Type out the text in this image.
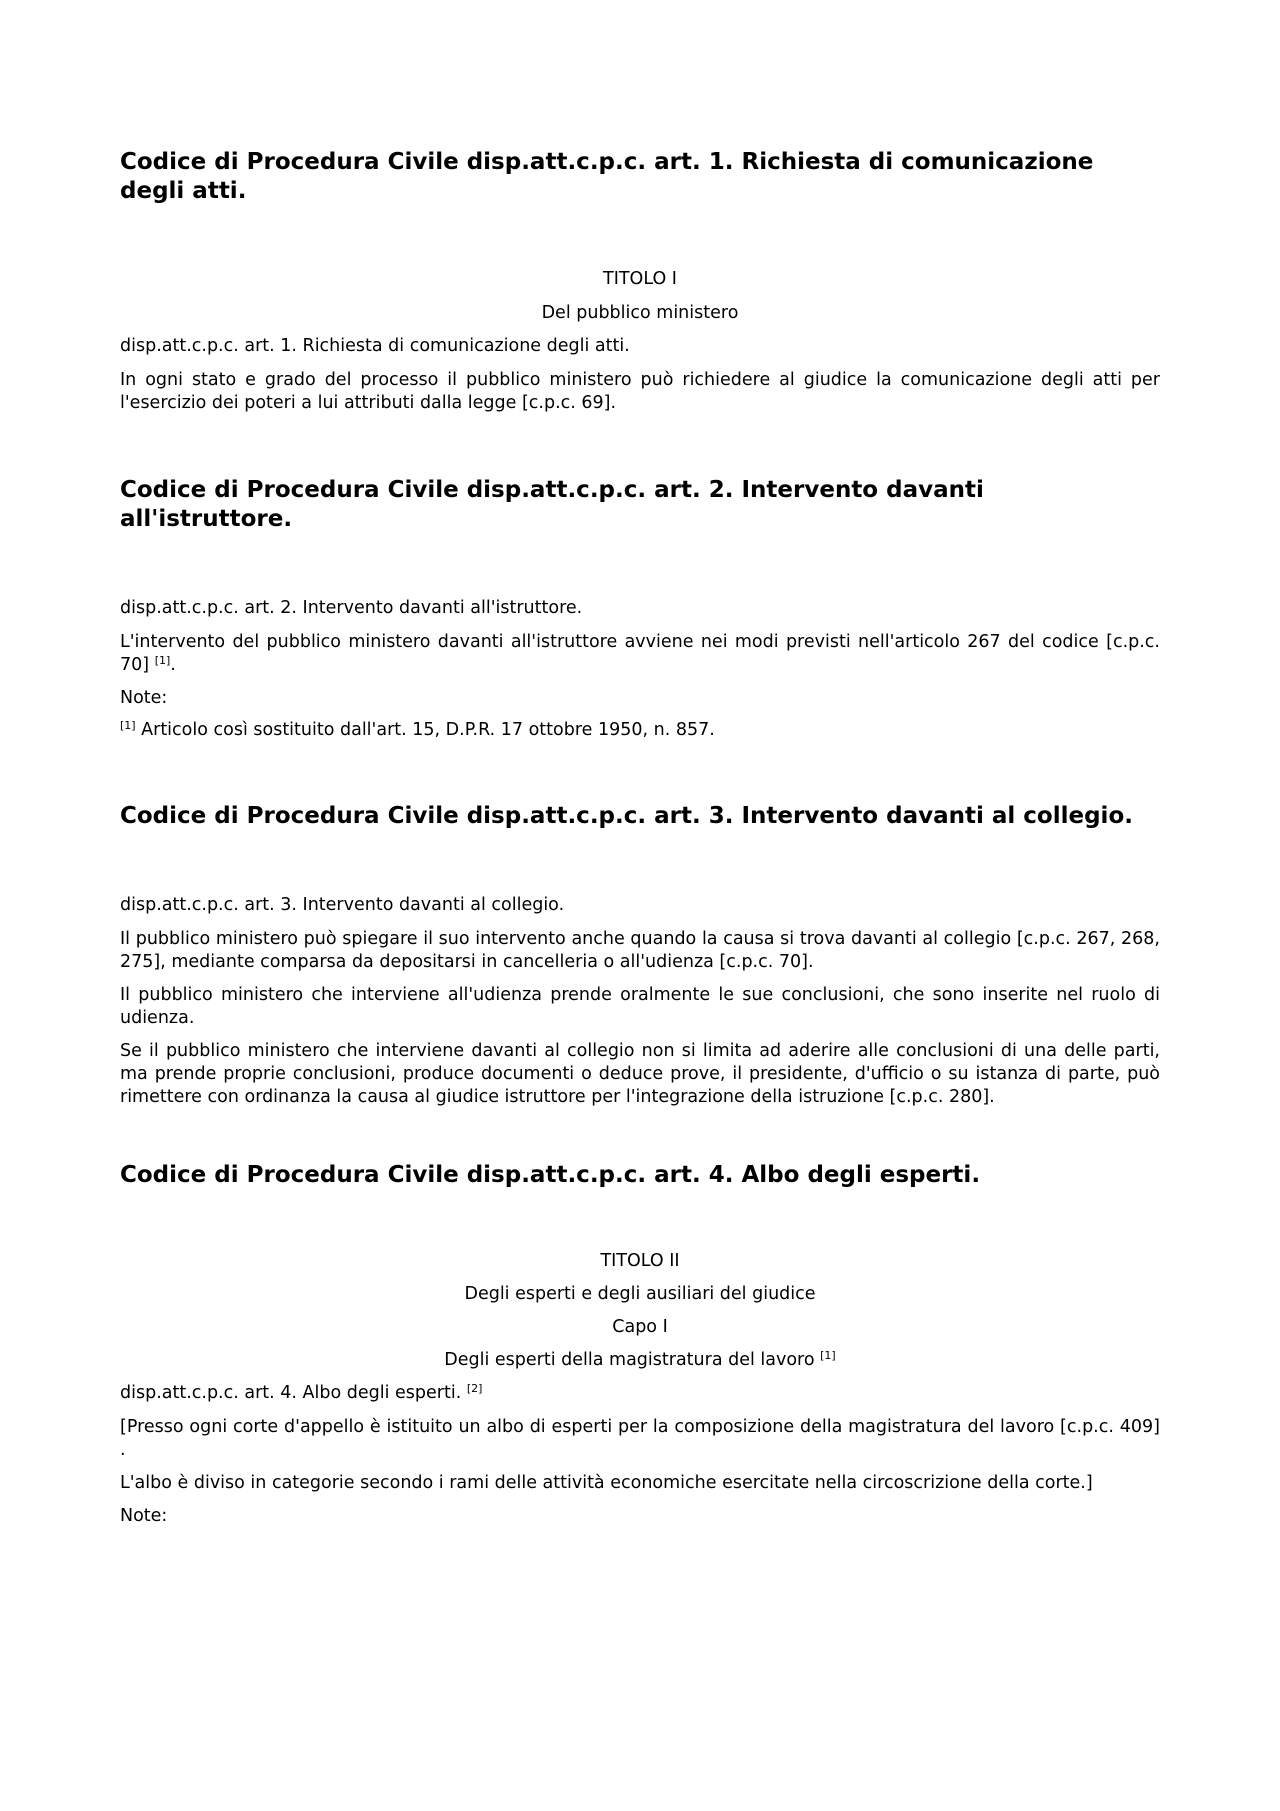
Codice di Procedura Civile disp.att.c.p.c. art. 1. Richiesta di comunicazione degli atti.
TITOLO I
Del pubblico ministero

disp.att.c.p.c. art. 1. Richiesta di comunicazione degli atti.

In ogni stato e grado del processo il pubblico ministero può richiedere al giudice la comunicazione degli atti per l'esercizio dei poteri a lui attributi dalla legge [c.p.c. 69].

Codice di Procedura Civile disp.att.c.p.c. art. 2. Intervento davanti all'istruttore.

disp.att.c.p.c. art. 2. Intervento davanti all'istruttore.

L'intervento del pubblico ministero davanti all'istruttore avviene nei modi previsti nell'articolo 267 del codice [c.p.c. 70] [1].

Note:

[1] Articolo così sostituito dall'art. 15, D.P.R. 17 ottobre 1950, n. 857.

Codice di Procedura Civile disp.att.c.p.c. art. 3. Intervento davanti al collegio.

disp.att.c.p.c. art. 3. Intervento davanti al collegio.

Il pubblico ministero può spiegare il suo intervento anche quando la causa si trova davanti al collegio [c.p.c. 267, 268, 275], mediante comparsa da depositarsi in cancelleria o all'udienza [c.p.c. 70].

Il pubblico ministero che interviene all'udienza prende oralmente le sue conclusioni, che sono inserite nel ruolo di udienza.

Se il pubblico ministero che interviene davanti al collegio non si limita ad aderire alle conclusioni di una delle parti, ma prende proprie conclusioni, produce documenti o deduce prove, il presidente, d'ufficio o su istanza di parte, può rimettere con ordinanza la causa al giudice istruttore per l'integrazione della istruzione [c.p.c. 280].

Codice di Procedura Civile disp.att.c.p.c. art. 4. Albo degli esperti.
TITOLO II
Degli esperti e degli ausiliari del giudice
Capo I
Degli esperti della magistratura del lavoro [1]

disp.att.c.p.c. art. 4. Albo degli esperti. [2]

[Presso ogni corte d'appello è istituito un albo di esperti per la composizione della magistratura del lavoro [c.p.c. 409] .

L'albo è diviso in categorie secondo i rami delle attività economiche esercitate nella circoscrizione della corte.]

Note:
